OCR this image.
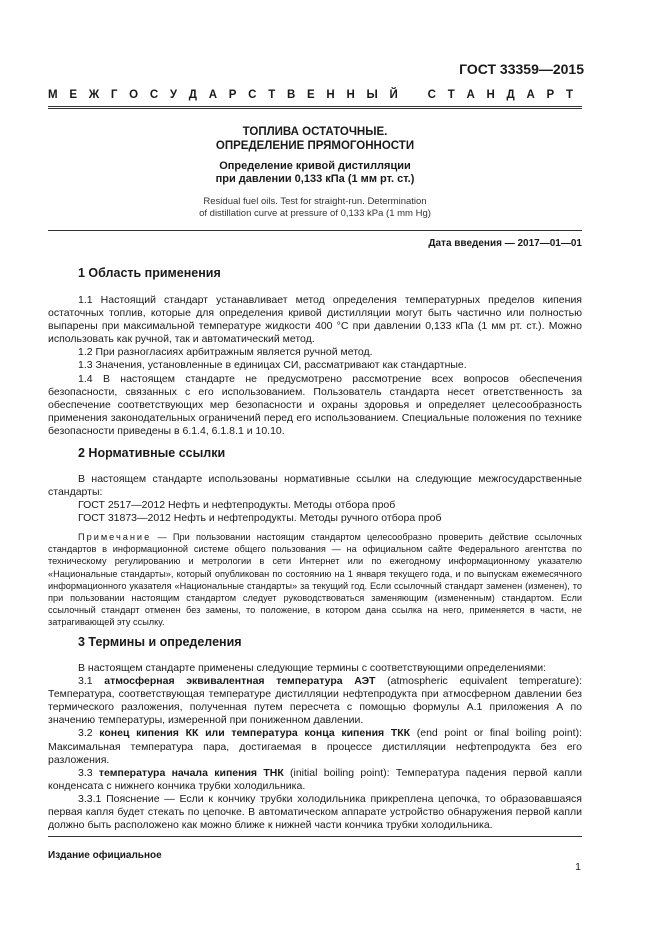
ГОСТ 33359—2015
М Е Ж Г О С У Д А Р С Т В Е Н Н Ы Й
	С Т А Н Д А Р Т
ТОПЛИВА ОСТАТОЧНЫЕ.
ОПРЕДЕЛЕНИЕ ПРЯМОГОННОСТИ
Определение кривой дистилляции
при давлении 0,133 кПа (1 мм рт. ст.)
Residual fuel oils. Test for straight-run. Determination
of distillation curve at pressure of 0,133 kPa (1 mm Hg)
Дата введения — 2017—01—01
1 Область применения

1.1 Настоящий стандарт устанавливает метод определения температурных пределов кипения остаточных топлив, которые для определения кривой дистилляции могут быть частично или полностью выпарены при максимальной температуре жидкости 400 °С при давлении 0,133 кПа (1 мм рт. ст.). Можно использовать как ручной, так и автоматический метод.

1.2 При разногласиях арбитражным является ручной метод.

1.3 Значения, установленные в единицах СИ, рассматривают как стандартные.

1.4 В настоящем стандарте не предусмотрено рассмотрение всех вопросов обеспечения безопасности, связанных с его использованием. Пользователь стандарта несет ответственность за обеспечение соответствующих мер безопасности и охраны здоровья и определяет целесообразность применения законодательных ограничений перед его использованием. Специальные положения по технике безопасности приведены в 6.1.4, 6.1.8.1 и 10.10.

2 Нормативные ссылки

В настоящем стандарте использованы нормативные ссылки на следующие межгосударственные стандарты:

ГОСТ 2517—2012 Нефть и нефтепродукты. Методы отбора проб

ГОСТ 31873—2012 Нефть и нефтепродукты. Методы ручного отбора проб

Примечание — При пользовании настоящим стандартом целесообразно проверить действие ссылочных стандартов в информационной системе общего пользования — на официальном сайте Федерального агентства по техническому регулированию и метрологии в сети Интернет или по ежегодному информационному указателю «Национальные стандарты», который опубликован по состоянию на 1 января текущего года, и по выпускам ежемесячного информационного указателя «Национальные стандарты» за текущий год. Если ссылочный стандарт заменен (изменен), то при пользовании настоящим стандартом следует руководствоваться заменяющим (измененным) стандартом. Если ссылочный стандарт отменен без замены, то положение, в котором дана ссылка на него, применяется в части, не затрагивающей эту ссылку.

3 Термины и определения

В настоящем стандарте применены следующие термины с соответствующими определениями:

3.1 атмосферная эквивалентная температура АЭТ (atmospheric equivalent temperature): Температура, соответствующая температуре дистилляции нефтепродукта при атмосферном давлении без термического разложения, полученная путем пересчета с помощью формулы А.1 приложения А по значению температуры, измеренной при пониженном давлении.

3.2 конец кипения КК или температура конца кипения ТКК (end point or final boiling point): Максимальная температура пара, достигаемая в процессе дистилляции нефтепродукта без его разложения.

3.3 температура начала кипения ТНК (initial boiling point): Температура падения первой капли конденсата с нижнего кончика трубки холодильника.

3.3.1 Пояснение — Если к кончику трубки холодильника прикреплена цепочка, то образовавшаяся первая капля будет стекать по цепочке. В автоматическом аппарате устройство обнаружения первой капли должно быть расположено как можно ближе к нижней части кончика трубки холодильника.

Издание официальное
1
